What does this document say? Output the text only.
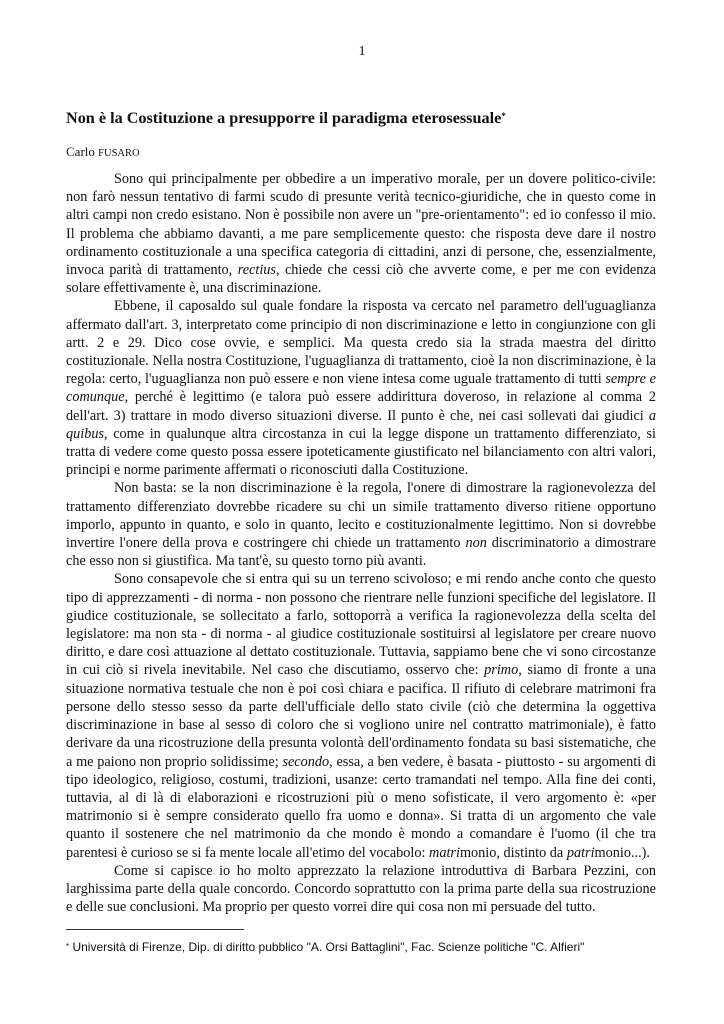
1
Non è la Costituzione a presupporre il paradigma eterosessuale*
Carlo FUSARO

Sono qui principalmente per obbedire a un imperativo morale, per un dovere politico-civile: non farò nessun tentativo di farmi scudo di presunte verità tecnico-giuridiche, che in questo come in altri campi non credo esistano. Non è possibile non avere un "pre-orientamento": ed io confesso il mio. Il problema che abbiamo davanti, a me pare semplicemente questo: che risposta deve dare il nostro ordinamento costituzionale a una specifica categoria di cittadini, anzi di persone, che, essenzialmente, invoca parità di trattamento, rectius, chiede che cessi ciò che avverte come, e per me con evidenza solare effettivamente è, una discriminazione.

Ebbene, il caposaldo sul quale fondare la risposta va cercato nel parametro dell'uguaglianza affermato dall'art. 3, interpretato come principio di non discriminazione e letto in congiunzione con gli artt. 2 e 29. Dico cose ovvie, e semplici. Ma questa credo sia la strada maestra del diritto costituzionale. Nella nostra Costituzione, l'uguaglianza di trattamento, cioè la non discriminazione, è la regola: certo, l'uguaglianza non può essere e non viene intesa come uguale trattamento di tutti sempre e comunque, perché è legittimo (e talora può essere addirittura doveroso, in relazione al comma 2 dell'art. 3) trattare in modo diverso situazioni diverse. Il punto è che, nei casi sollevati dai giudici a quibus, come in qualunque altra circostanza in cui la legge dispone un trattamento differenziato, si tratta di vedere come questo possa essere ipoteticamente giustificato nel bilanciamento con altri valori, principi e norme parimente affermati o riconosciuti dalla Costituzione.

Non basta: se la non discriminazione è la regola, l'onere di dimostrare la ragionevolezza del trattamento differenziato dovrebbe ricadere su chi un simile trattamento diverso ritiene opportuno imporlo, appunto in quanto, e solo in quanto, lecito e costituzionalmente legittimo. Non si dovrebbe invertire l'onere della prova e costringere chi chiede un trattamento non discriminatorio a dimostrare che esso non si giustifica. Ma tant'è, su questo torno più avanti.

Sono consapevole che si entra qui su un terreno scivoloso; e mi rendo anche conto che questo tipo di apprezzamenti - di norma - non possono che rientrare nelle funzioni specifiche del legislatore. Il giudice costituzionale, se sollecitato a farlo, sottoporrà a verifica la ragionevolezza della scelta del legislatore: ma non sta - di norma - al giudice costituzionale sostituirsi al legislatore per creare nuovo diritto, e dare così attuazione al dettato costituzionale. Tuttavia, sappiamo bene che vi sono circostanze in cui ciò si rivela inevitabile. Nel caso che discutiamo, osservo che: primo, siamo di fronte a una situazione normativa testuale che non è poi così chiara e pacifica. Il rifiuto di celebrare matrimoni fra persone dello stesso sesso da parte dell'ufficiale dello stato civile (ciò che determina la oggettiva discriminazione in base al sesso di coloro che si vogliono unire nel contratto matrimoniale), è fatto derivare da una ricostruzione della presunta volontà dell'ordinamento fondata su basi sistematiche, che a me paiono non proprio solidissime; secondo, essa, a ben vedere, è basata - piuttosto - su argomenti di tipo ideologico, religioso, costumi, tradizioni, usanze: certo tramandati nel tempo. Alla fine dei conti, tuttavia, al di là di elaborazioni e ricostruzioni più o meno sofisticate, il vero argomento è: «per matrimonio si è sempre considerato quello fra uomo e donna». Si tratta di un argomento che vale quanto il sostenere che nel matrimonio da che mondo è mondo a comandare è l'uomo (il che tra parentesi è curioso se si fa mente locale all'etimo del vocabolo: matrimonio, distinto da patrimonio...).

Come si capisce io ho molto apprezzato la relazione introduttiva di Barbara Pezzini, con larghissima parte della quale concordo. Concordo soprattutto con la prima parte della sua ricostruzione e delle sue conclusioni. Ma proprio per questo vorrei dire qui cosa non mi persuade del tutto.

* Università di Firenze, Dip. di diritto pubblico "A. Orsi Battaglini", Fac. Scienze politiche "C. Alfieri"
